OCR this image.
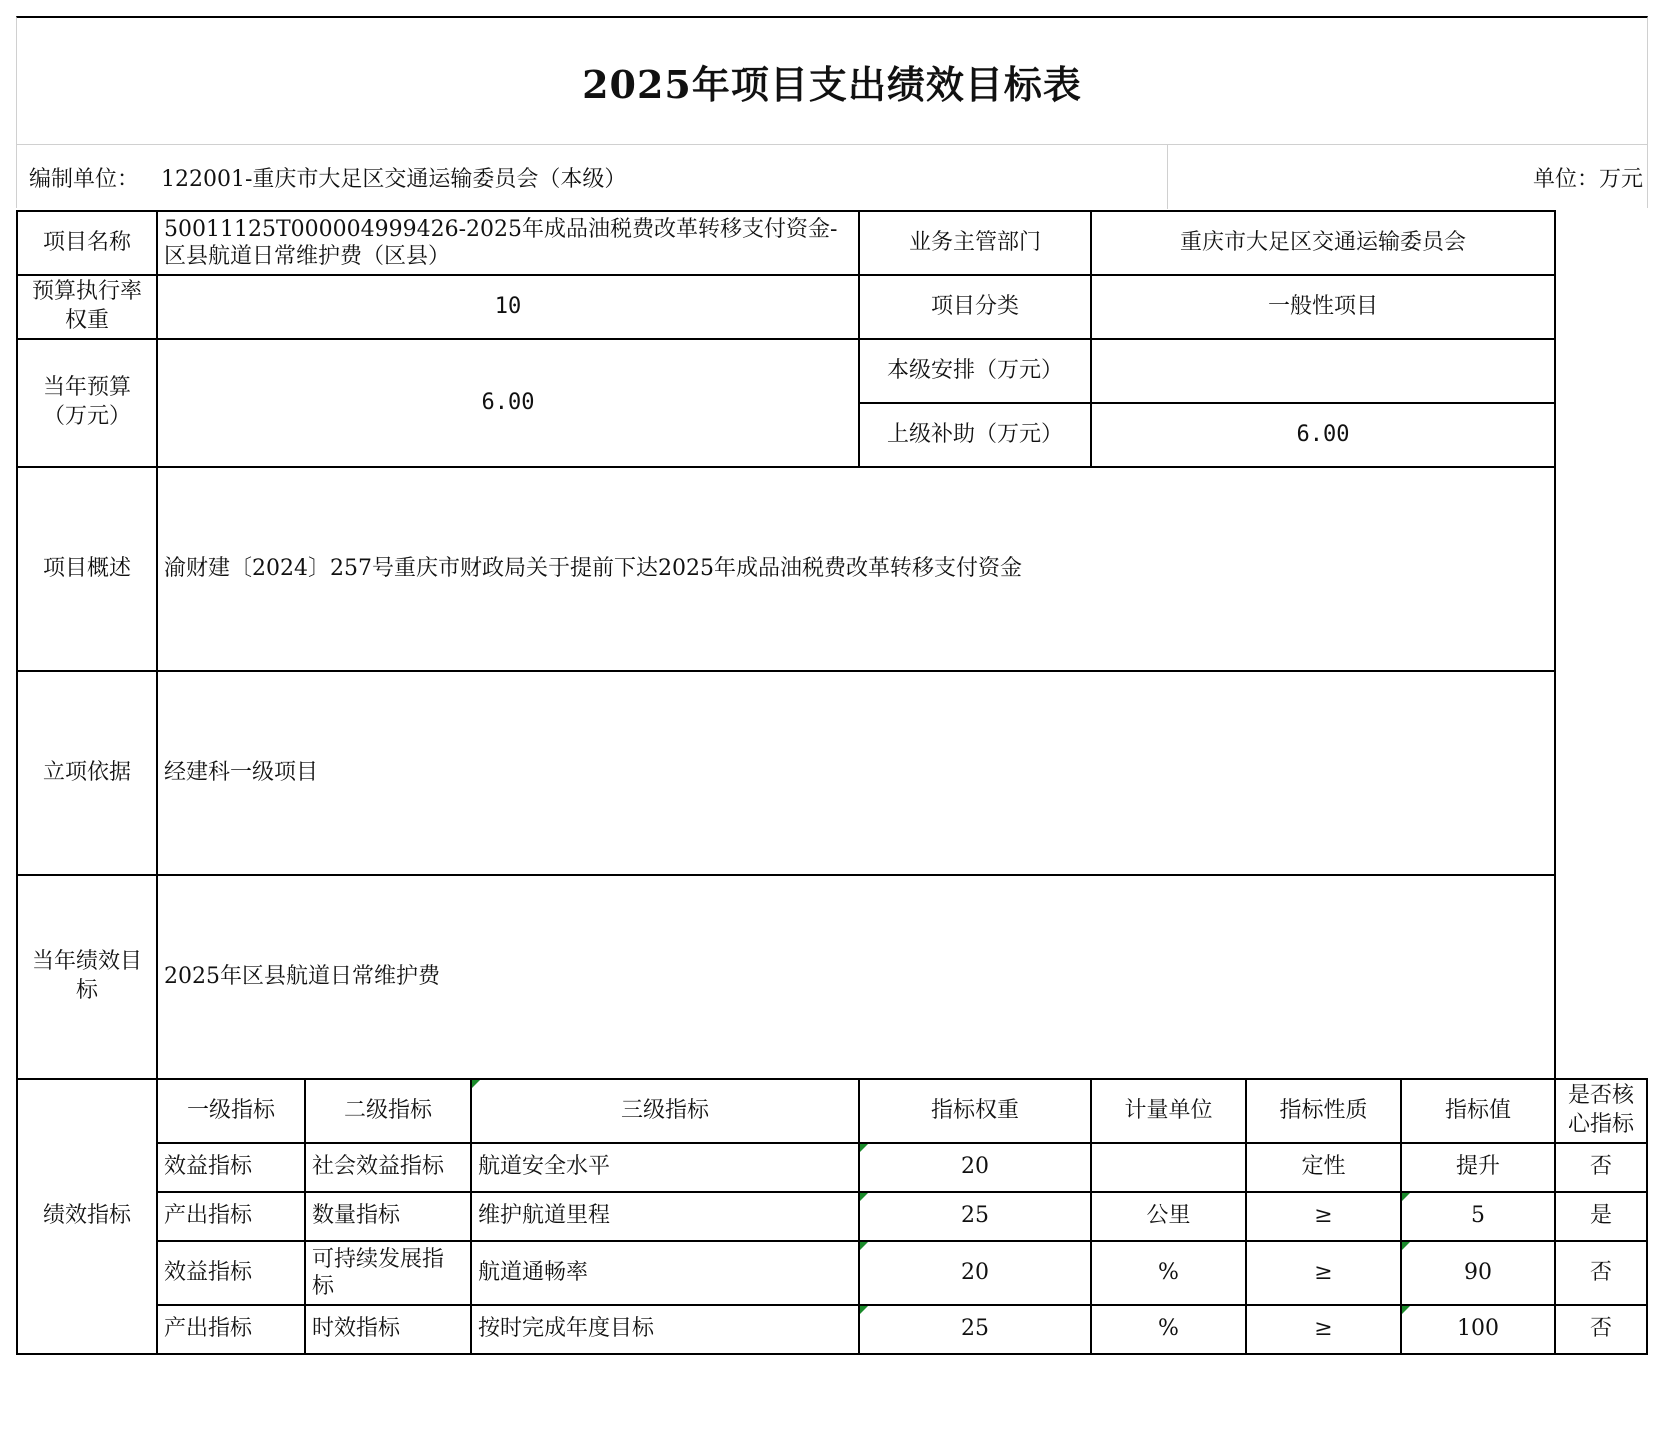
2025年项目支出绩效目标表
编制单位： 122001-重庆市大足区交通运输委员会（本级）	单位：万元
项目名称	50011125T000004999426-2025年成品油税费改革转移支付资金-区县航道日常维护费（区县）			业务主管部门	重庆市大足区交通运输委员会			
预算执行率权重	10			项目分类	一般性项目			
当年预算（万元）	6.00			本级安排（万元）				
				上级补助（万元）	6.00			
项目概述	渝财建〔2024〕257号重庆市财政局关于提前下达2025年成品油税费改革转移支付资金							
立项依据	经建科一级项目							
当年绩效目标	2025年区县航道日常维护费							
绩效指标	一级指标	二级指标	三级指标	指标权重	计量单位	指标性质	指标值	是否核心指标
	效益指标	社会效益指标	航道安全水平	20		定性	提升	否
	产出指标	数量指标	维护航道里程	25	公里	≥	5	是
	效益指标	可持续发展指标	航道通畅率	20	%	≥	90	否
	产出指标	时效指标	按时完成年度目标	25	%	≥	100	否
